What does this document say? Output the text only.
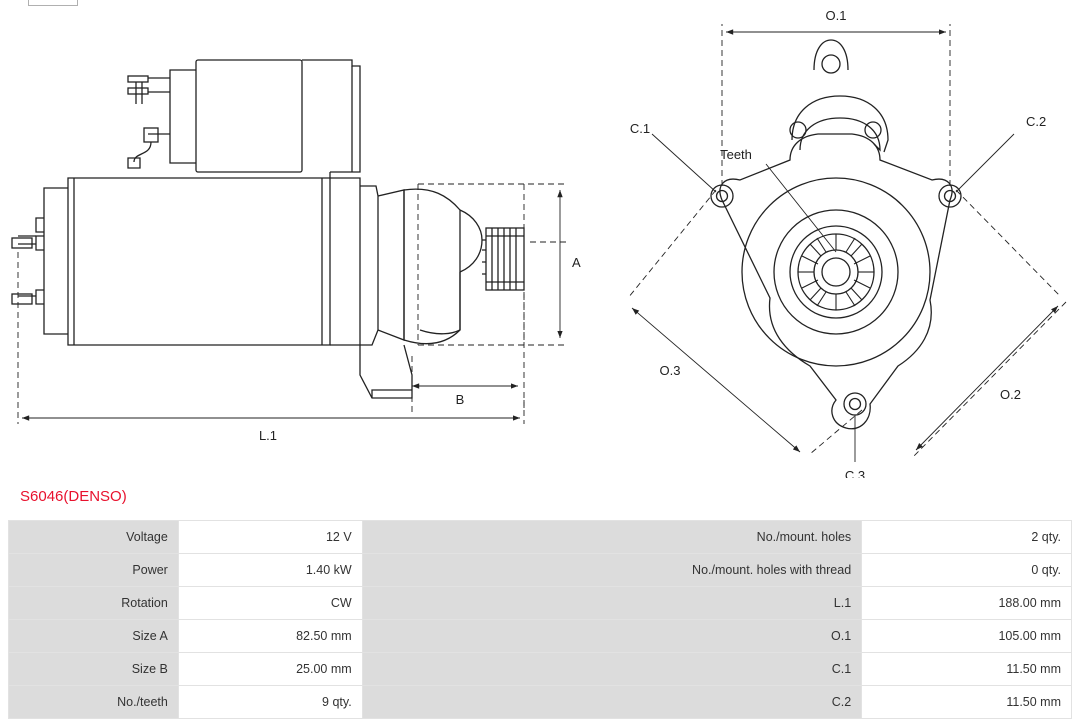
A
B
L.1
O.1
O.2
O.3
C.1	C.2
C.3
Teeth
S6046(DENSO)
Voltage	12 V	No./mount. holes	2 qty.
Power	1.40 kW	No./mount. holes with thread	0 qty.
Rotation	CW	L.1	188.00 mm
Size A	82.50 mm	O.1	105.00 mm
Size B	25.00 mm	C.1	11.50 mm
No./teeth	9 qty.	C.2	11.50 mm
